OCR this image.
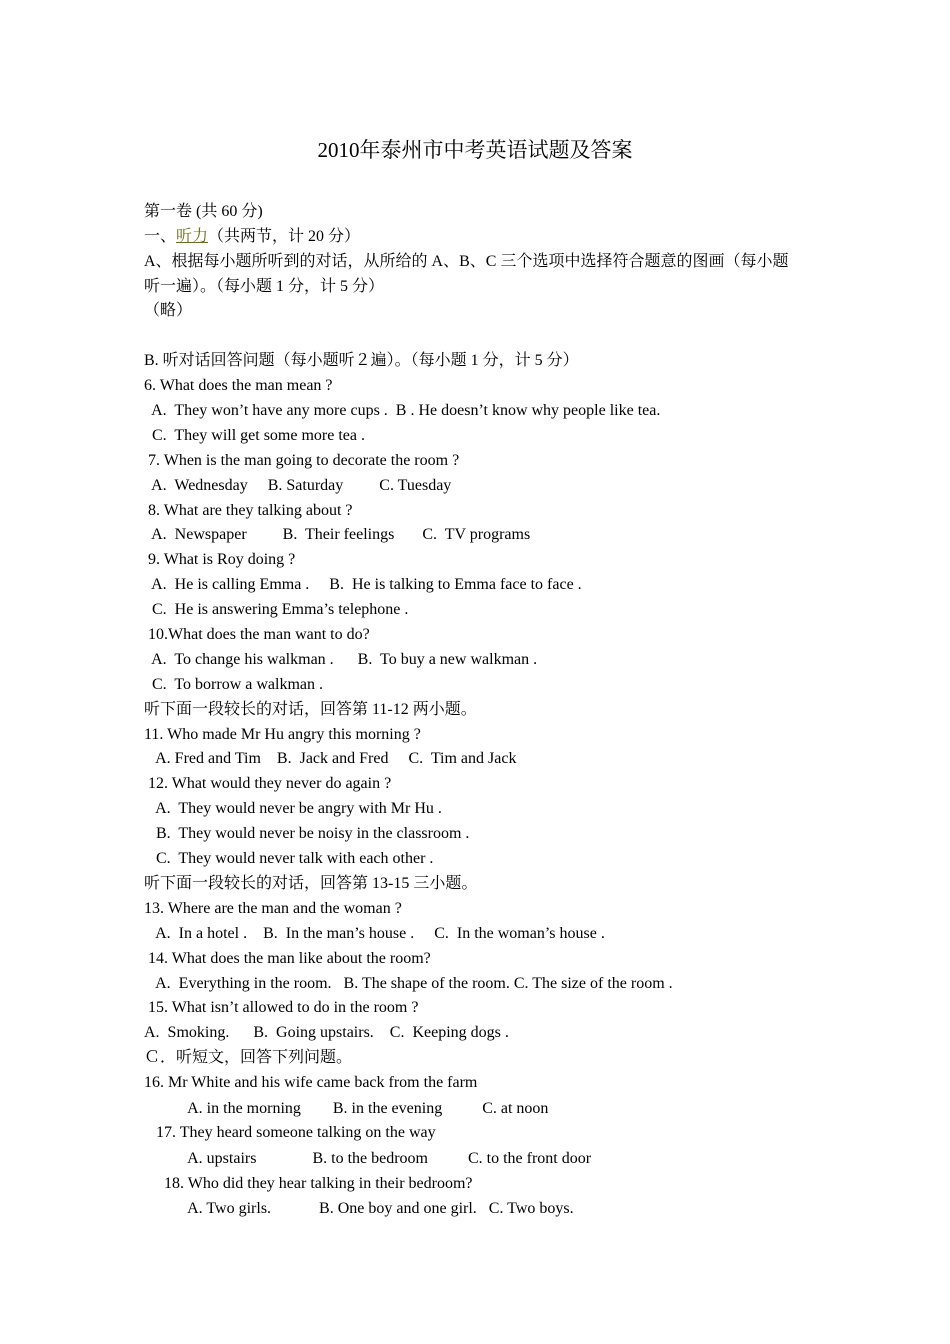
2010年泰州市中考英语试题及答案

第一卷 (共 60 分)

一、听力（共两节，计 20 分）

A、根据每小题所听到的对话，从所给的 A、B、C 三个选项中选择符合题意的图画（每小题

听一遍）。（每小题 1 分，计 5 分）

（略）

B. 听对话回答问题（每小题听２遍）。（每小题 1 分，计 5 分）

6. What does the man mean ?

A.  They won’t have any more cups .  B . He doesn’t know why people like tea.

C.  They will get some more tea .

7. When is the man going to decorate the room ?

A.  Wednesday     B. Saturday         C. Tuesday

8. What are they talking about ?

A.  Newspaper         B.  Their feelings       C.  TV programs

9. What is Roy doing ?

A.  He is calling Emma .     B.  He is talking to Emma face to face .

C.  He is answering Emma’s telephone .

10.What does the man want to do?

A.  To change his walkman .      B.  To buy a new walkman .

C.  To borrow a walkman .

听下面一段较长的对话，回答第 11-12 两小题。

11. Who made Mr Hu angry this morning ?

A. Fred and Tim    B.  Jack and Fred     C.  Tim and Jack

12. What would they never do again ?

A.  They would never be angry with Mr Hu .

B.  They would never be noisy in the classroom .

C.  They would never talk with each other .

听下面一段较长的对话，回答第 13-15 三小题。

13. Where are the man and the woman ?

A.  In a hotel .    B.  In the man’s house .     C.  In the woman’s house .

14. What does the man like about the room?

A.  Everything in the room.   B. The shape of the room. C. The size of the room .

15. What isn’t allowed to do in the room ?

A.  Smoking.      B.  Going upstairs.    C.  Keeping dogs .

Ｃ．听短文，回答下列问题。

16. Mr White and his wife came back from the farm

A. in the morning        B. in the evening          C. at noon

17. They heard someone talking on the way

A. upstairs              B. to the bedroom          C. to the front door

18. Who did they hear talking in their bedroom?

A. Two girls.            B. One boy and one girl.   C. Two boys.
